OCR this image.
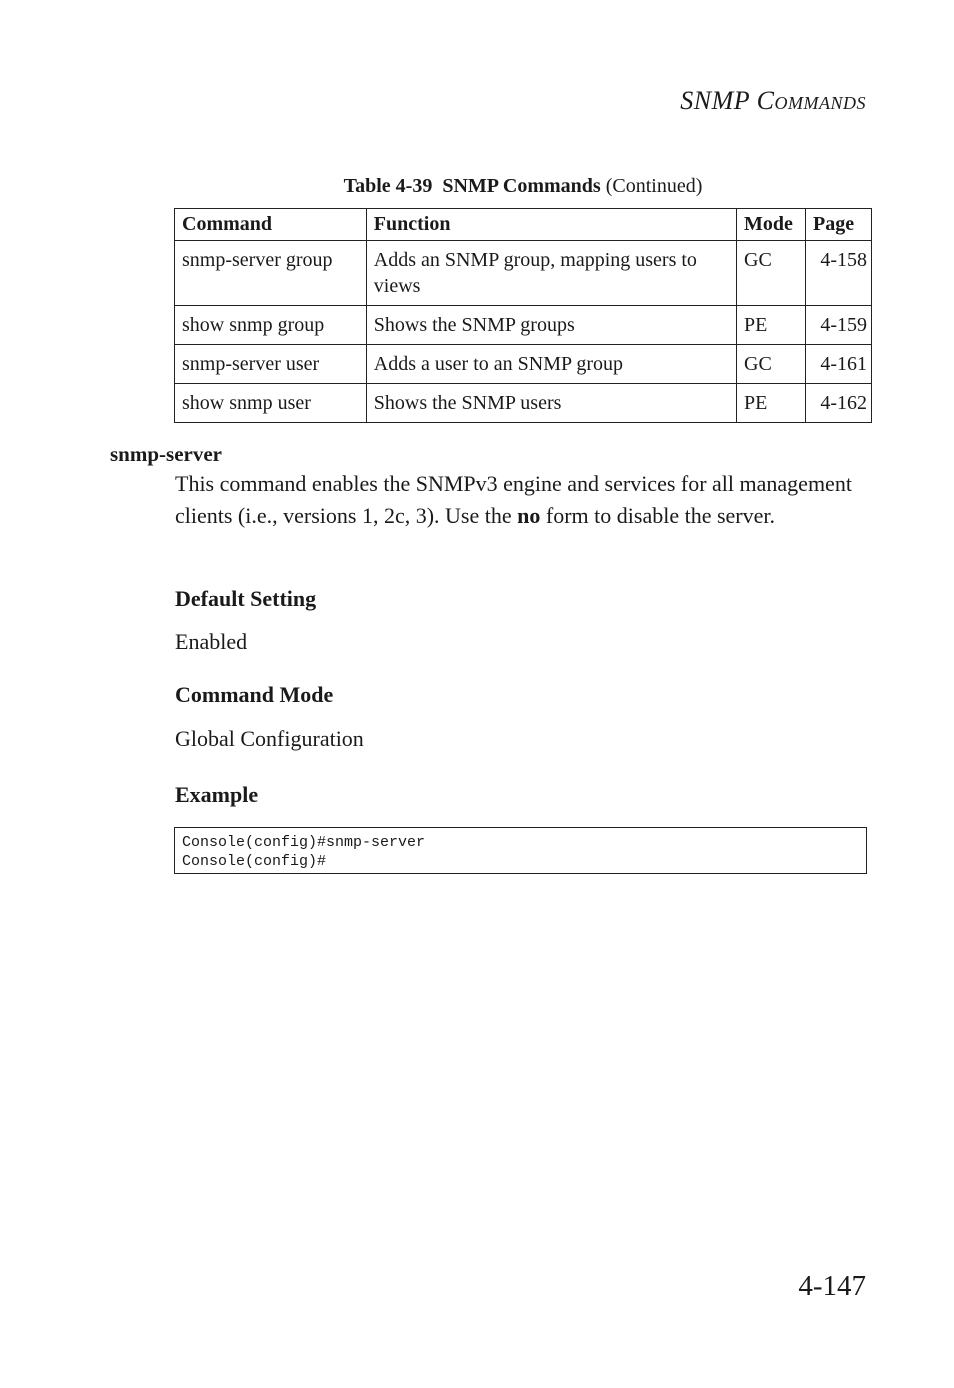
SNMP COMMANDS
Table 4-39  SNMP Commands (Continued)
Command	Function	Mode	Page
snmp-server group	Adds an SNMP group, mapping users to views	GC	4-158
show snmp group	Shows the SNMP groups	PE	4-159
snmp-server user	Adds a user to an SNMP group	GC	4-161
show snmp user	Shows the SNMP users	PE	4-162
snmp-server
This command enables the SNMPv3 engine and services for all management clients (i.e., versions 1, 2c, 3). Use the no form to disable the server.
Default Setting
Enabled
Command Mode
Global Configuration
Example
Console(config)#snmp-server
Console(config)#
4-147
